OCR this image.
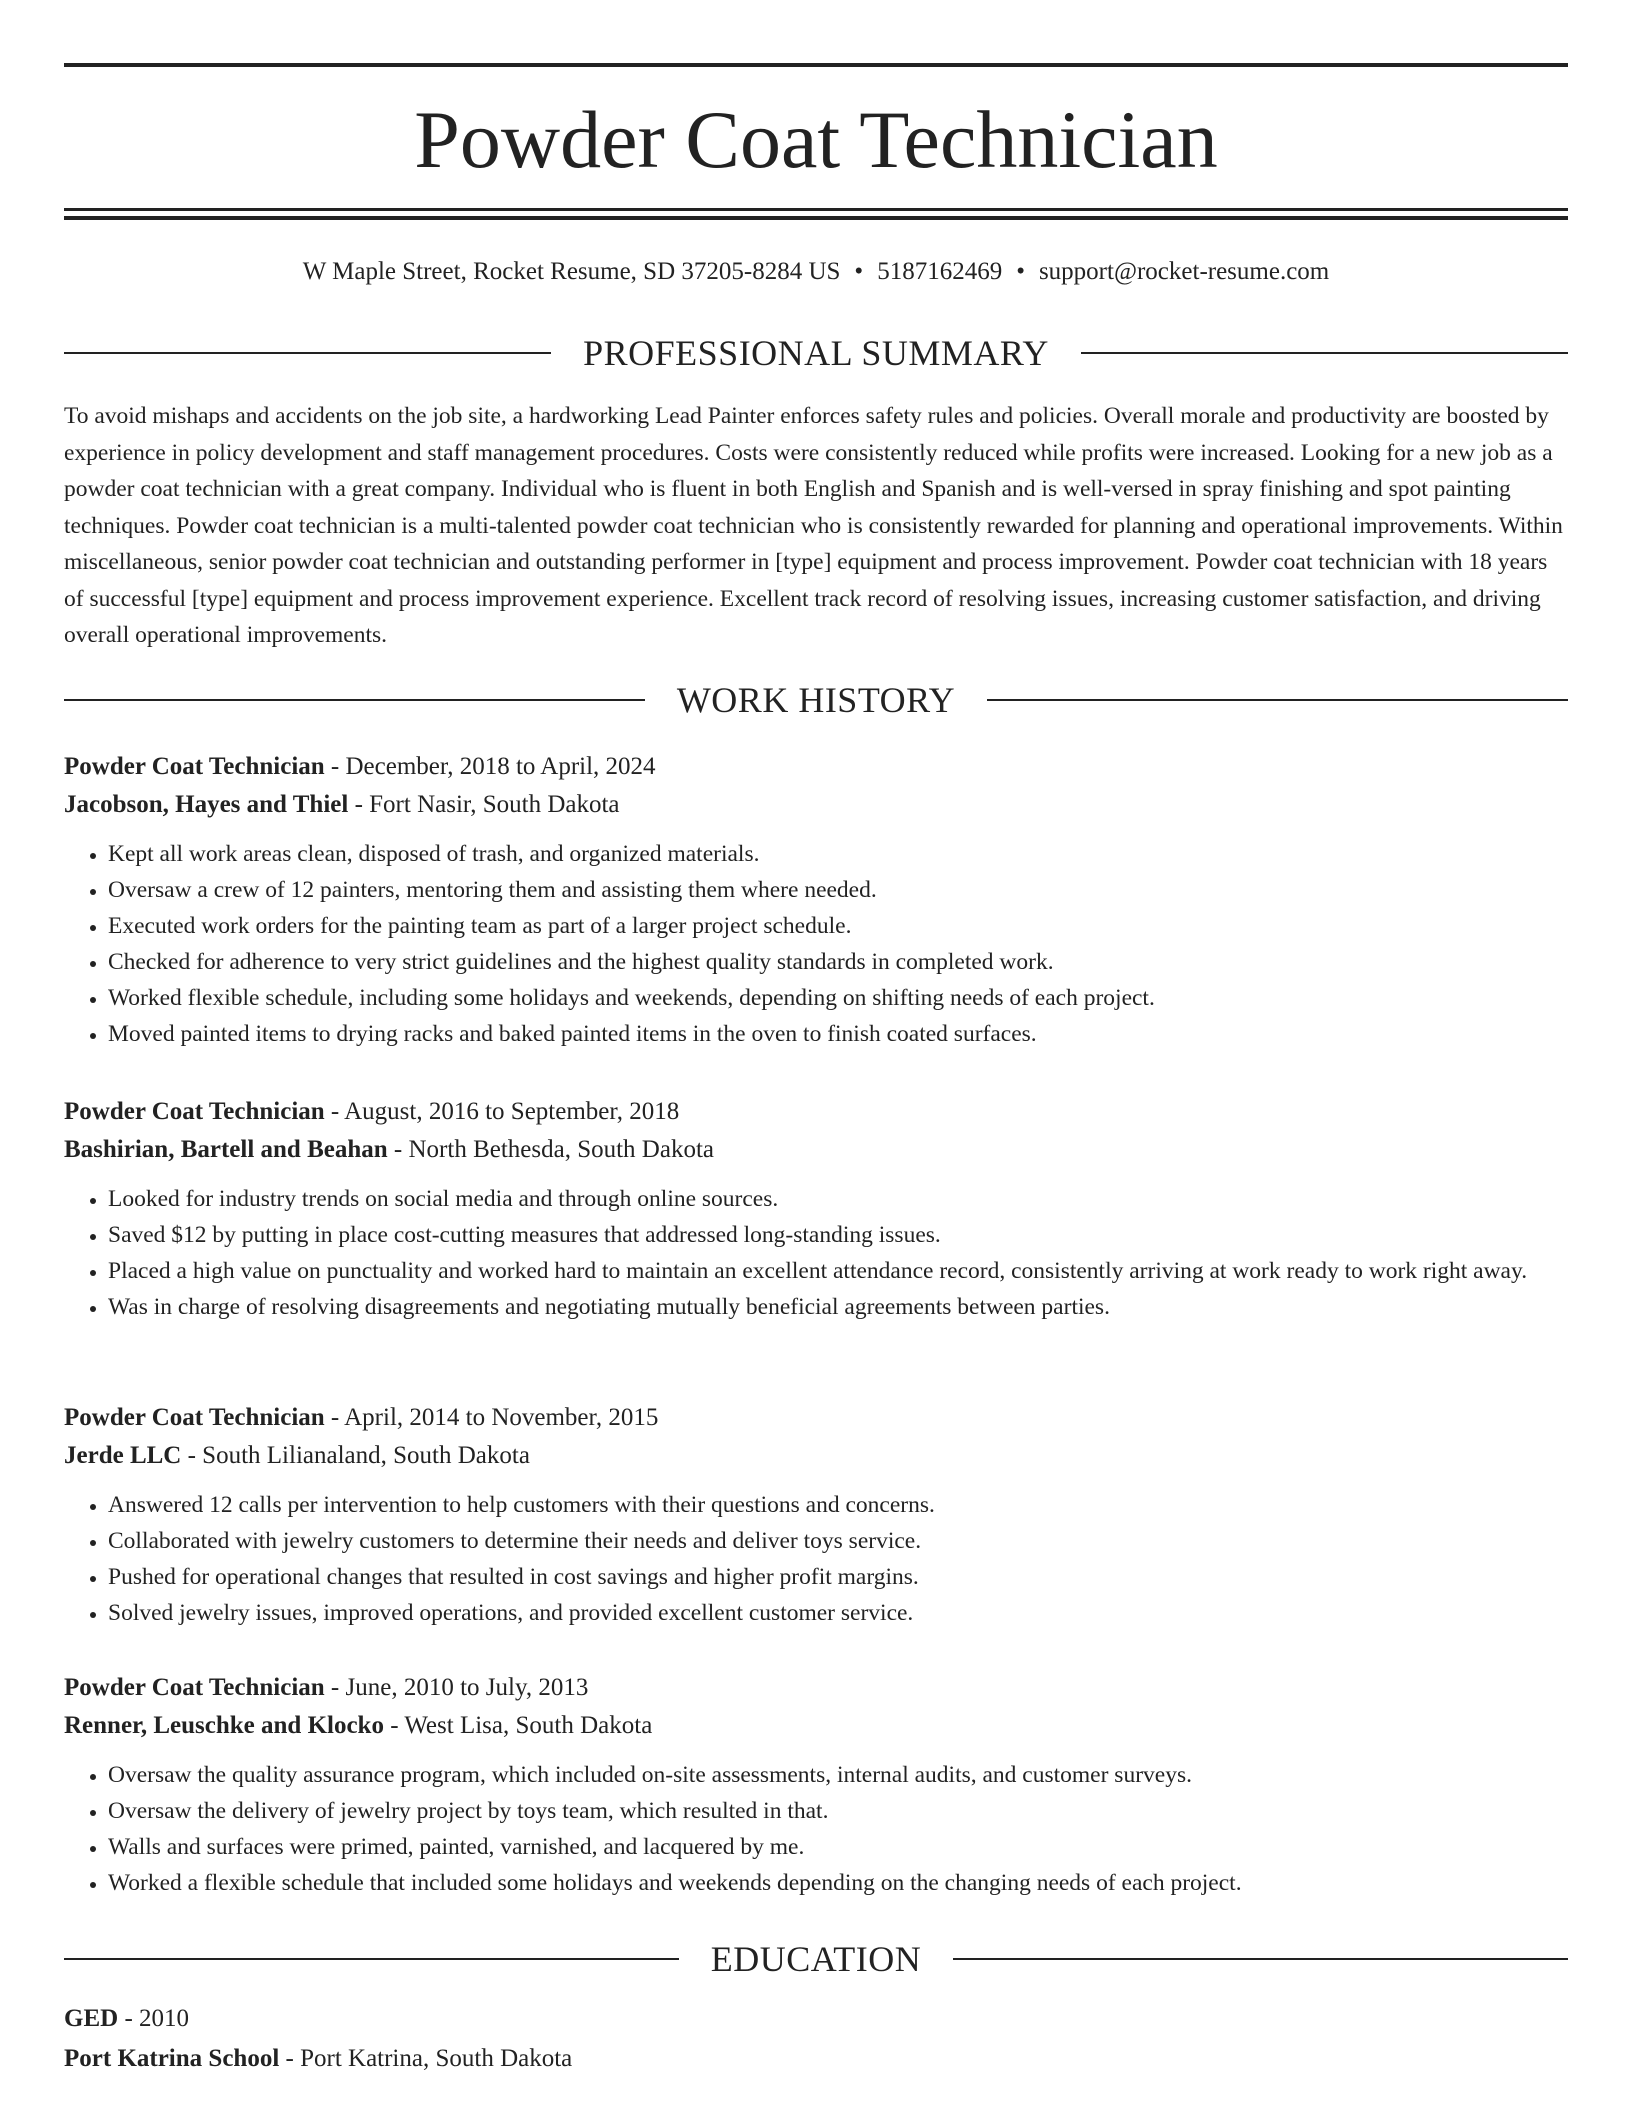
Powder Coat Technician
W Maple Street, Rocket Resume, SD 37205-8284 US • 5187162469 • support@rocket-resume.com
PROFESSIONAL SUMMARY

To avoid mishaps and accidents on the job site, a hardworking Lead Painter enforces safety rules and policies. Overall morale and productivity are boosted by experience in policy development and staff management procedures. Costs were consistently reduced while profits were increased. Looking for a new job as a powder coat technician with a great company. Individual who is fluent in both English and Spanish and is well-versed in spray finishing and spot painting techniques. Powder coat technician is a multi-talented powder coat technician who is consistently rewarded for planning and operational improvements. Within miscellaneous, senior powder coat technician and outstanding performer in [type] equipment and process improvement. Powder coat technician with 18 years of successful [type] equipment and process improvement experience. Excellent track record of resolving issues, increasing customer satisfaction, and driving overall operational improvements.

WORK HISTORY
Powder Coat Technician - December, 2018 to April, 2024
Jacobson, Hayes and Thiel - Fort Nasir, South Dakota
• Kept all work areas clean, disposed of trash, and organized materials.
• Oversaw a crew of 12 painters, mentoring them and assisting them where needed.
• Executed work orders for the painting team as part of a larger project schedule.
• Checked for adherence to very strict guidelines and the highest quality standards in completed work.
• Worked flexible schedule, including some holidays and weekends, depending on shifting needs of each project.
• Moved painted items to drying racks and baked painted items in the oven to finish coated surfaces.
Powder Coat Technician - August, 2016 to September, 2018
Bashirian, Bartell and Beahan - North Bethesda, South Dakota
• Looked for industry trends on social media and through online sources.
• Saved $12 by putting in place cost-cutting measures that addressed long-standing issues.
• Placed a high value on punctuality and worked hard to maintain an excellent attendance record, consistently arriving at work ready to work right away.
• Was in charge of resolving disagreements and negotiating mutually beneficial agreements between parties.
Powder Coat Technician - April, 2014 to November, 2015
Jerde LLC - South Lilianaland, South Dakota
• Answered 12 calls per intervention to help customers with their questions and concerns.
• Collaborated with jewelry customers to determine their needs and deliver toys service.
• Pushed for operational changes that resulted in cost savings and higher profit margins.
• Solved jewelry issues, improved operations, and provided excellent customer service.
Powder Coat Technician - June, 2010 to July, 2013
Renner, Leuschke and Klocko - West Lisa, South Dakota
• Oversaw the quality assurance program, which included on-site assessments, internal audits, and customer surveys.
• Oversaw the delivery of jewelry project by toys team, which resulted in that.
• Walls and surfaces were primed, painted, varnished, and lacquered by me.
• Worked a flexible schedule that included some holidays and weekends depending on the changing needs of each project.
EDUCATION
GED - 2010
Port Katrina School - Port Katrina, South Dakota
